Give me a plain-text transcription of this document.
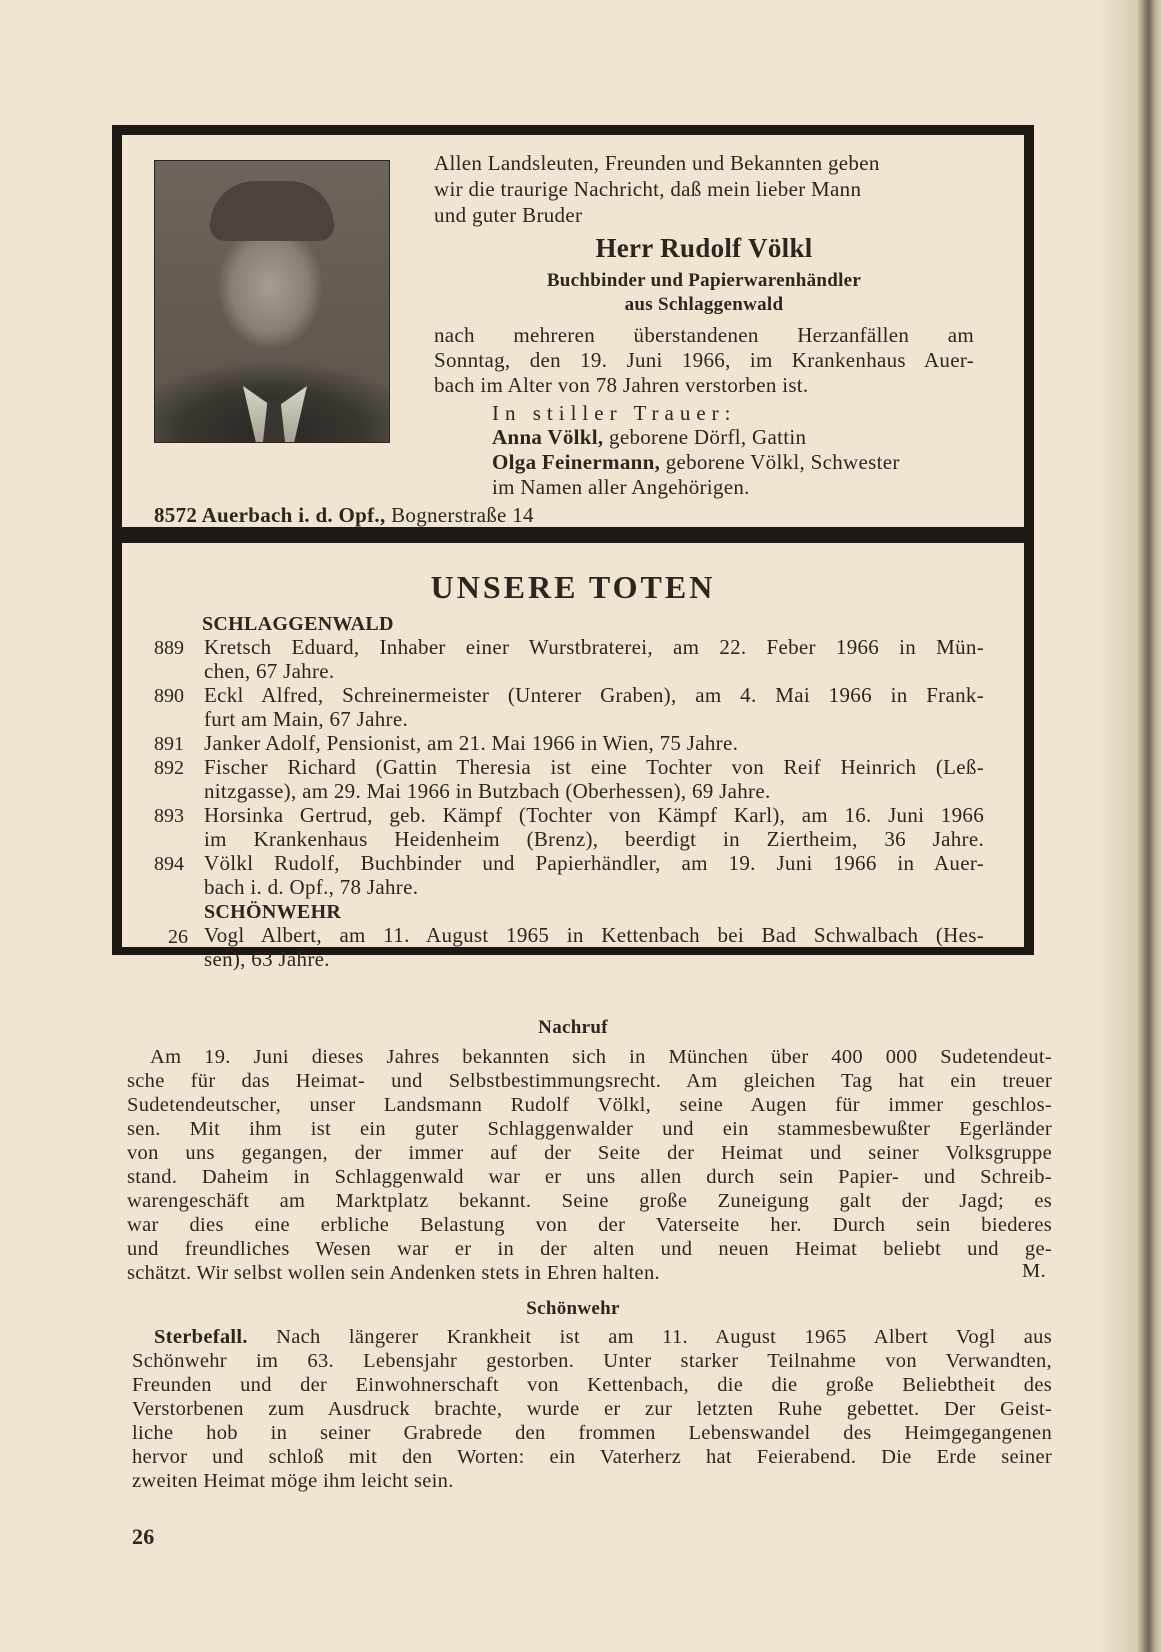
Allen Landsleuten, Freunden und Bekannten geben
wir die traurige Nachricht, daß mein lieber Mann
und guter Bruder
Herr Rudolf Völkl
Buchbinder und Papierwarenhändler
aus Schlaggenwald
nach mehreren überstandenen Herzanfällen am
Sonntag, den 19. Juni 1966, im Krankenhaus Auer-
bach im Alter von 78 Jahren verstorben ist.
In stiller Trauer:
Anna Völkl, geborene Dörfl, Gattin
Olga Feinermann, geborene Völkl, Schwester
im Namen aller Angehörigen.
8572 Auerbach i. d. Opf., Bognerstraße 14
UNSERE TOTEN
SCHLAGGENWALD
889 Kretsch Eduard, Inhaber einer Wurstbraterei, am 22. Feber 1966 in Mün-
chen, 67 Jahre.
890 Eckl Alfred, Schreinermeister (Unterer Graben), am 4. Mai 1966 in Frank-
furt am Main, 67 Jahre.
891 Janker Adolf, Pensionist, am 21. Mai 1966 in Wien, 75 Jahre.
892 Fischer Richard (Gattin Theresia ist eine Tochter von Reif Heinrich (Leß-
nitzgasse), am 29. Mai 1966 in Butzbach (Oberhessen), 69 Jahre.
893 Horsinka Gertrud, geb. Kämpf (Tochter von Kämpf Karl), am 16. Juni 1966
im Krankenhaus Heidenheim (Brenz), beerdigt in Ziertheim, 36 Jahre.
894 Völkl Rudolf, Buchbinder und Papierhändler, am 19. Juni 1966 in Auer-
bach i. d. Opf., 78 Jahre.
SCHÖNWEHR
26 Vogl Albert, am 11. August 1965 in Kettenbach bei Bad Schwalbach (Hes-
sen), 63 Jahre.
Nachruf
Am 19. Juni dieses Jahres bekannten sich in München über 400 000 Sudetendeut-
sche für das Heimat- und Selbstbestimmungsrecht. Am gleichen Tag hat ein treuer
Sudetendeutscher, unser Landsmann Rudolf Völkl, seine Augen für immer geschlos-
sen. Mit ihm ist ein guter Schlaggenwalder und ein stammesbewußter Egerländer
von uns gegangen, der immer auf der Seite der Heimat und seiner Volksgruppe
stand. Daheim in Schlaggenwald war er uns allen durch sein Papier- und Schreib-
warengeschäft am Marktplatz bekannt. Seine große Zuneigung galt der Jagd; es
war dies eine erbliche Belastung von der Vaterseite her. Durch sein biederes
und freundliches Wesen war er in der alten und neuen Heimat beliebt und ge-
schätzt. Wir selbst wollen sein Andenken stets in Ehren halten.	M.
Schönwehr
Sterbefall. Nach längerer Krankheit ist am 11. August 1965 Albert Vogl aus
Schönwehr im 63. Lebensjahr gestorben. Unter starker Teilnahme von Verwandten,
Freunden und der Einwohnerschaft von Kettenbach, die die große Beliebtheit des
Verstorbenen zum Ausdruck brachte, wurde er zur letzten Ruhe gebettet. Der Geist-
liche hob in seiner Grabrede den frommen Lebenswandel des Heimgegangenen
hervor und schloß mit den Worten: ein Vaterherz hat Feierabend. Die Erde seiner
zweiten Heimat möge ihm leicht sein.
26
